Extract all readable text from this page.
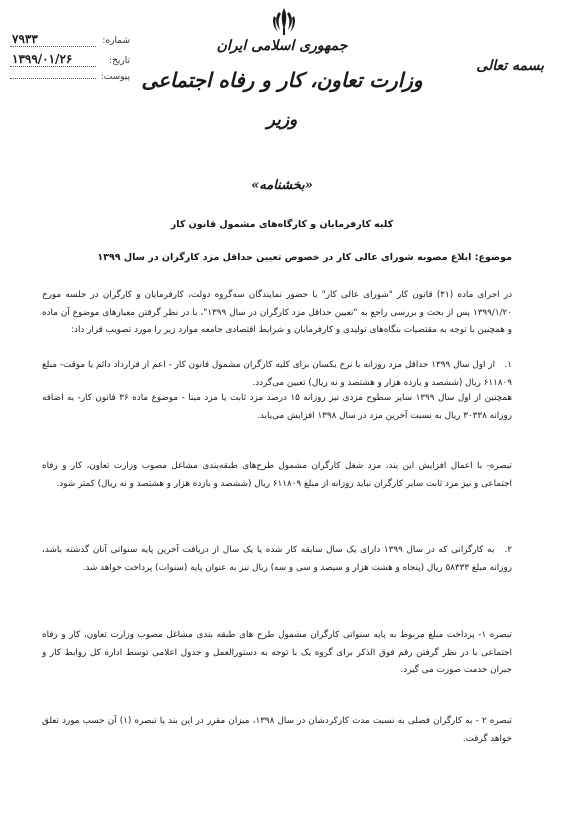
جمهوری اسلامی ایران
وزارت تعاون، کار و رفاه اجتماعی
وزیر
«بخشنامه»
بسمه تعالی
شماره:
۷۹۳۳
تاریخ:
۱۳۹۹/۰۱/۲۶
پیوست:
کلیه کارفرمایان و کارگاه‌های مشمول قانون کار
موضوع: ابلاغ مصوبه شورای عالی کار در خصوص تعیین حداقل مزد کارگران در سال ۱۳۹۹
در اجرای ماده (۴۱) قانون کار "شورای عالی کار" با حضور نمایندگان سه‌گروه دولت، کارفرمایان و کارگران در جلسه مورخ ۱۳۹۹/۱/۲۰ پس از بحث و بررسی راجع به "تعیین حداقل مزد کارگران در سال ۱۳۹۹"، با در نظر گرفتن معیارهای موضوع آن ماده و همچنین با توجه به مقتضیات بنگاه‌های تولیدی و کارفرمایان و شرایط اقتصادی جامعه موارد زیر را مورد تصویب قرار داد:
۱. از اول سال ۱۳۹۹ حداقل مزد روزانه با نرخ یکسان برای کلیه کارگران مشمول قانون کار - اعم از قرارداد دائم یا موقت- مبلغ ۶۱۱۸۰۹ ریال (ششصد و یازده هزار و هشتصد و نه ریال) تعیین می‌گردد.
همچنین از اول سال ۱۳۹۹ سایر سطوح مزدی نیز روزانه ۱۵ درصد مزد ثابت یا مزد مبنا - موضوع ماده ۳۶ قانون کار- به اضافه روزانه ۳۰۳۳۸ ریال به نسبت آخرین مزد در سال ۱۳۹۸ افزایش می‌یابد.
تبصره- با اعمال افزایش این بند، مزد شغل کارگران مشمول طرح‌های طبقه‌بندی مشاغل مصوب وزارت تعاون، کار و رفاه اجتماعی و نیز مزد ثابت سایر کارگران نباید روزانه از مبلغ ۶۱۱۸۰۹ ریال (ششصد و یازده هزار و هشتصد و نه ریال) کمتر شود.
۲. به کارگرانی که در سال ۱۳۹۹ دارای یک سال سابقه کار شده یا یک سال از دریافت آخرین پایه سنواتی آنان گذشته باشد، روزانه مبلغ ۵۸۳۳۳ ریال (پنجاه و هشت هزار و سیصد و سی و سه) ریال نیز به عنوان پایه (سنوات) پرداخت خواهد شد.
تبصره ۱- پرداخت مبلغ مربوط به پایه سنواتی کارگران مشمول طرح های طبقه بندی مشاغل مصوب وزارت تعاون، کار و رفاه اجتماعی با در نظر گرفتن رقم فوق الذکر برای گروه یک با توجه به دستورالعمل و جدول اعلامی توسط اداره کل روابط کار و جبران خدمت صورت می گیرد.
تبصره ۲ - به کارگران فصلی به نسبت مدت کارکردشان در سال ۱۳۹۸، میزان مقرر در این بند یا تبصره (۱) آن حسب مورد تعلق خواهد گرفت.
